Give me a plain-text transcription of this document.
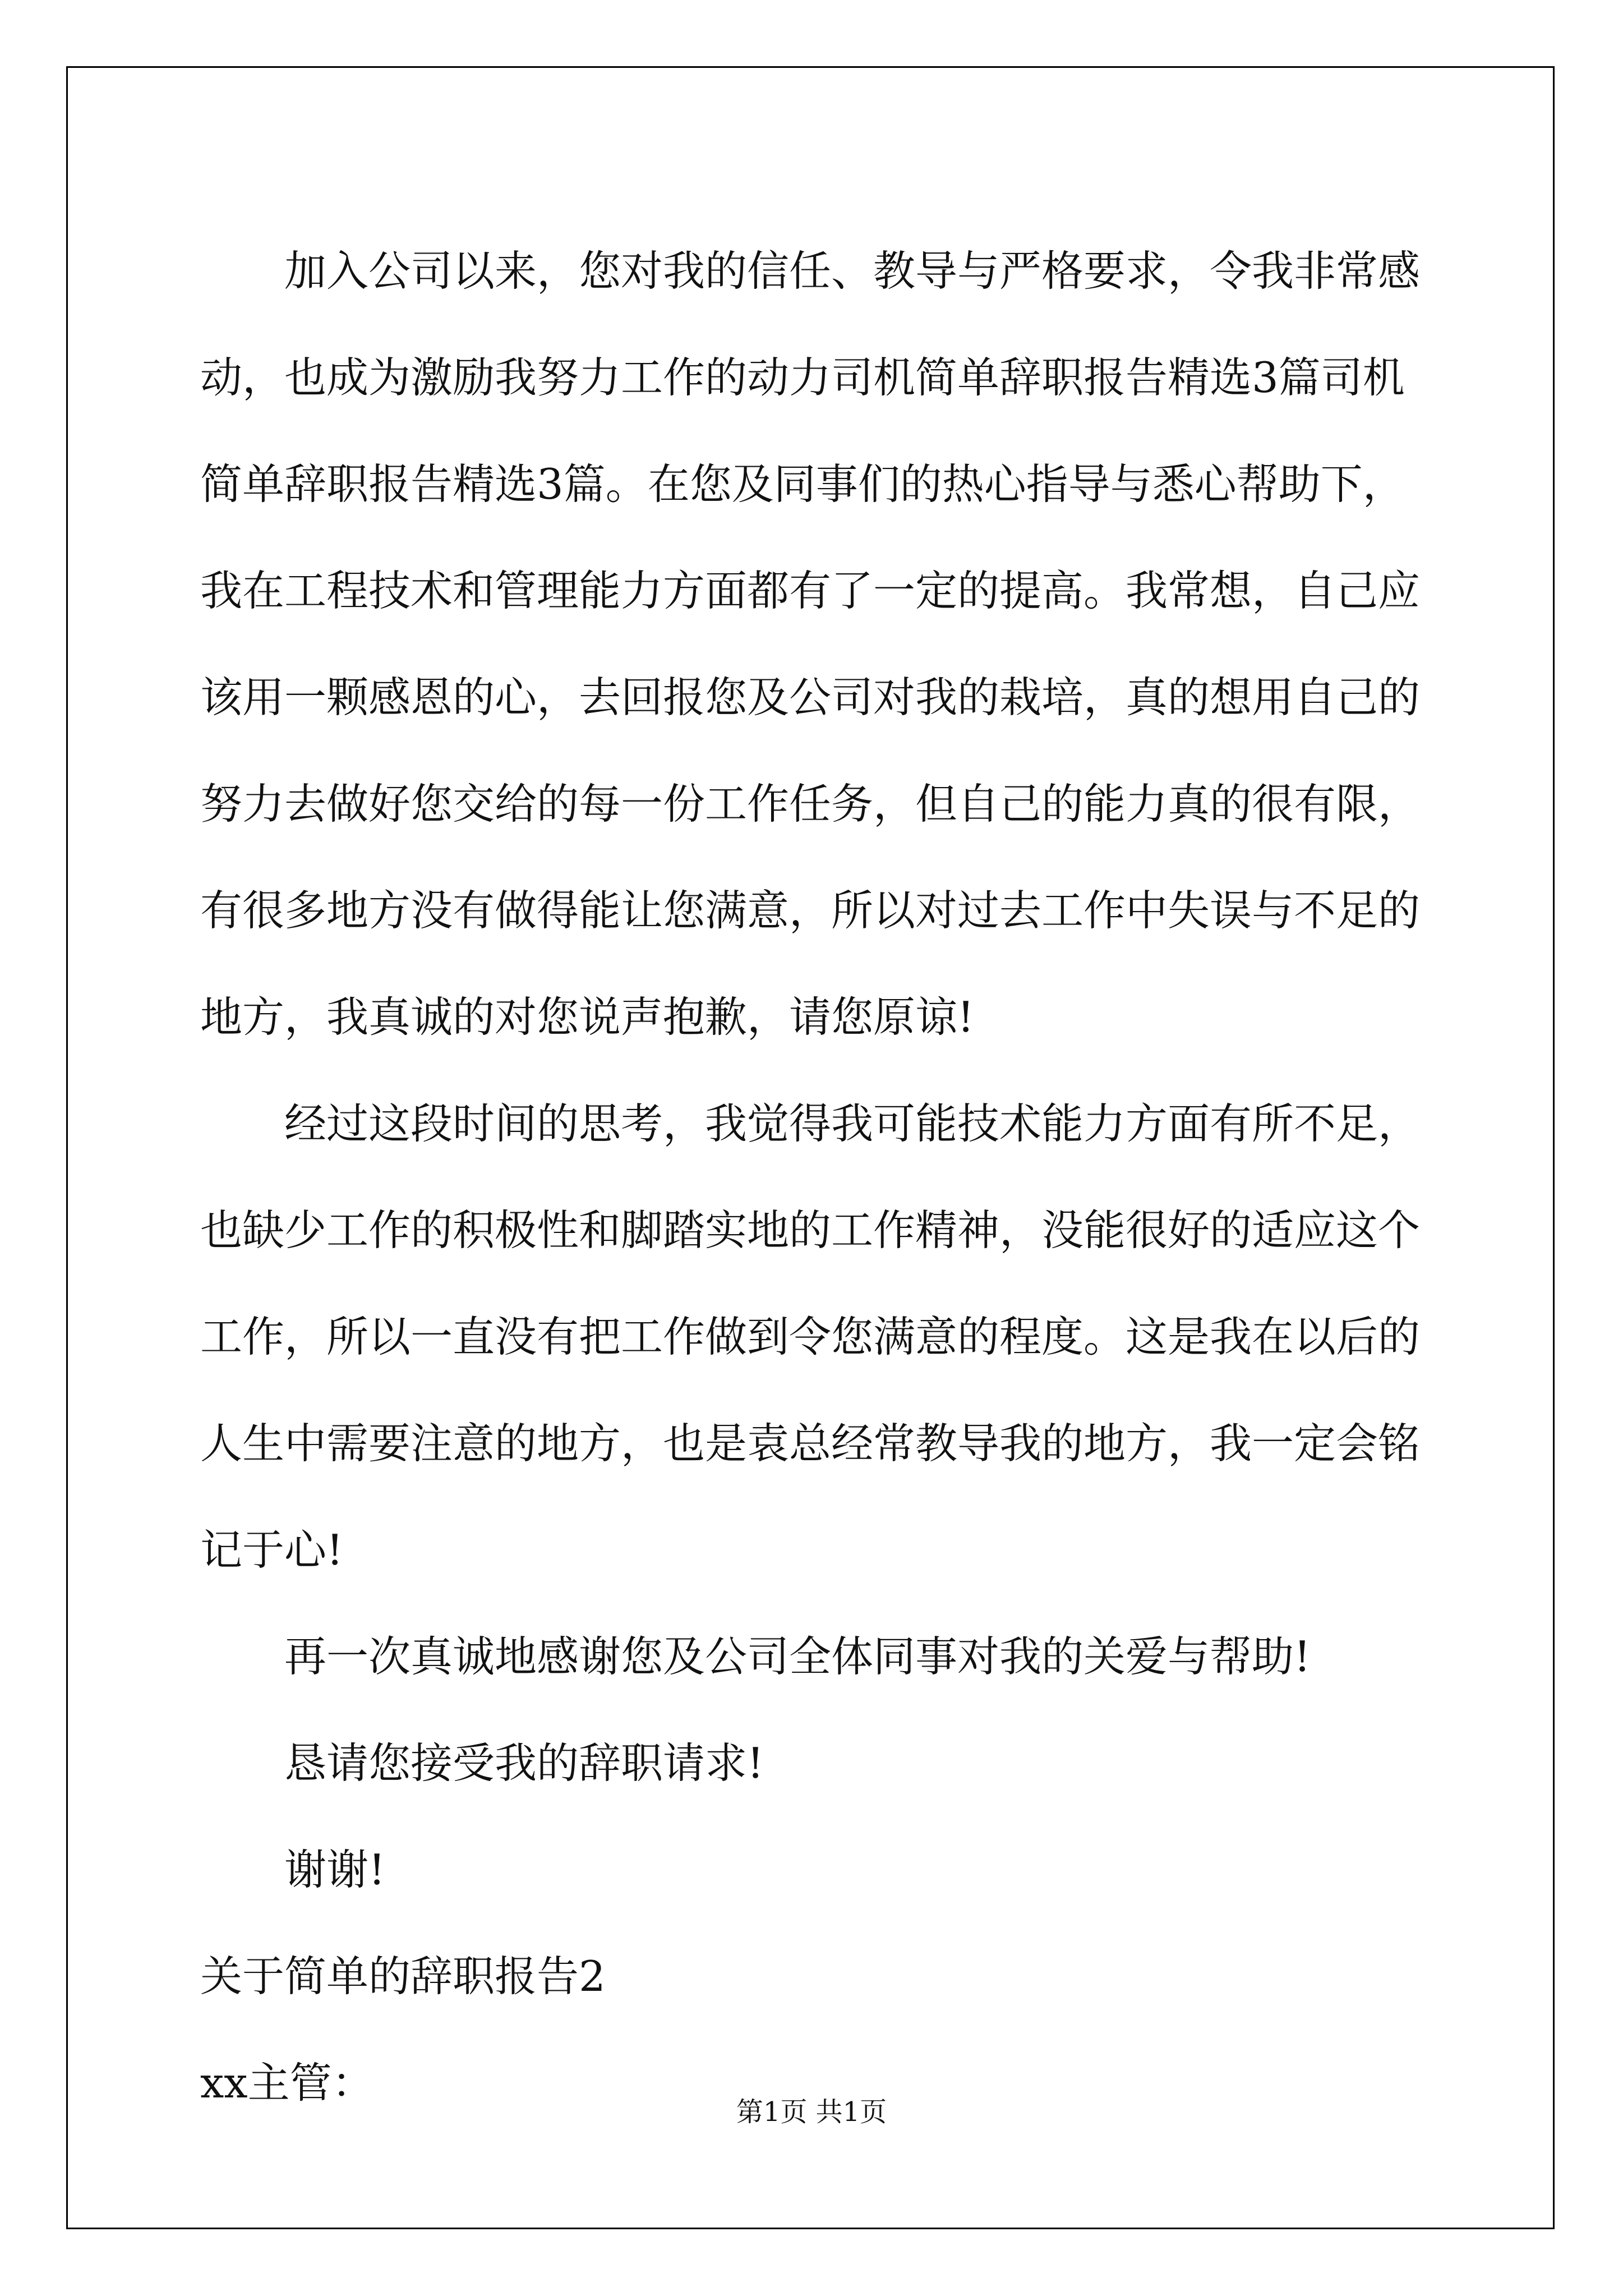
加入公司以来，您对我的信任、教导与严格要求，令我非常感动，也成为激励我努力工作的动力司机简单辞职报告精选3篇司机简单辞职报告精选3篇。在您及同事们的热心指导与悉心帮助下，我在工程技术和管理能力方面都有了一定的提高。我常想，自己应该用一颗感恩的心，去回报您及公司对我的栽培，真的想用自己的努力去做好您交给的每一份工作任务，但自己的能力真的很有限，有很多地方没有做得能让您满意，所以对过去工作中失误与不足的地方，我真诚的对您说声抱歉，请您原谅!

经过这段时间的思考，我觉得我可能技术能力方面有所不足，也缺少工作的积极性和脚踏实地的工作精神，没能很好的适应这个工作，所以一直没有把工作做到令您满意的程度。这是我在以后的人生中需要注意的地方，也是袁总经常教导我的地方，我一定会铭记于心!

再一次真诚地感谢您及公司全体同事对我的关爱与帮助!

恳请您接受我的辞职请求!

谢谢!

关于简单的辞职报告2

xx主管：

第1页 共1页
